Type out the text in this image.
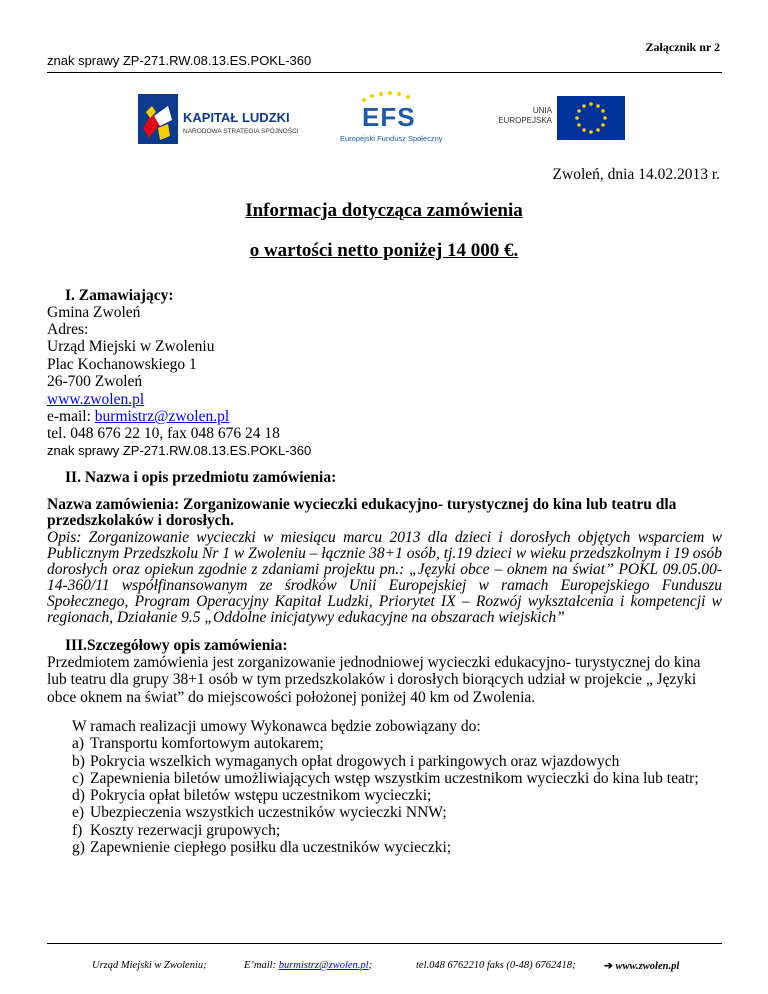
Załącznik nr 2
znak sprawy ZP-271.RW.08.13.ES.POKL-360
KAPITAŁ LUDZKI
NARODOWA STRATEGIA SPÓJNOŚCI EFS
Europejski Fundusz Społeczny
UNIA
EUROPEJSKA
Zwoleń, dnia 14.02.2013 r.
Informacja dotycząca zamówienia
o wartości netto poniżej 14 000 €.
I. Zamawiający:
Gmina Zwoleń
Adres:
Urząd Miejski w Zwoleniu
Plac Kochanowskiego 1
26-700 Zwoleń
www.zwolen.pl
e-mail: burmistrz@zwolen.pl
tel. 048 676 22 10, fax 048 676 24 18
znak sprawy ZP-271.RW.08.13.ES.POKL-360
II. Nazwa i opis przedmiotu zamówienia:
Nazwa zamówienia: Zorganizowanie wycieczki edukacyjno- turystycznej do kina lub teatru dla przedszkolaków i dorosłych.
Opis: Zorganizowanie wycieczki w miesiącu marcu 2013 dla dzieci i dorosłych objętych wsparciem w Publicznym Przedszkolu Nr 1 w Zwoleniu – łącznie 38+1 osób, tj.19 dzieci w wieku przedszkolnym i 19 osób dorosłych oraz opiekun zgodnie z zdaniami projektu pn.: „Języki obce – oknem na świat” POKL 09.05.00-14-360/11 współfinansowanym ze środków Unii Europejskiej w ramach Europejskiego Funduszu Społecznego, Program Operacyjny Kapitał Ludzki, Priorytet IX – Rozwój wykształcenia i kompetencji w regionach, Działanie 9.5 „Oddolne inicjatywy edukacyjne na obszarach wiejskich”
III.Szczegółowy opis zamówienia:
Przedmiotem zamówienia jest zorganizowanie jednodniowej wycieczki edukacyjno- turystycznej do kina lub teatru dla grupy 38+1 osób w tym przedszkolaków i dorosłych biorących udział w projekcie „ Języki obce oknem na świat” do miejscowości położonej poniżej 40 km od Zwolenia.
W ramach realizacji umowy Wykonawca będzie zobowiązany do:
a) Transportu komfortowym autokarem;
b) Pokrycia wszelkich wymaganych opłat drogowych i parkingowych oraz wjazdowych
c) Zapewnienia biletów umożliwiających wstęp wszystkim uczestnikom wycieczki do kina lub teatr;
d) Pokrycia opłat biletów wstępu uczestnikom wycieczki;
e) Ubezpieczenia wszystkich uczestników wycieczki NNW;
f) Koszty rezerwacji grupowych;
g) Zapewnienie ciepłego posiłku dla uczestników wycieczki;
Urząd Miejski w Zwoleniu;	E’mail: burmistrz@zwolen.pl;	tel.048 6762210 faks (0-48) 6762418;	➔ www.zwolen.pl
